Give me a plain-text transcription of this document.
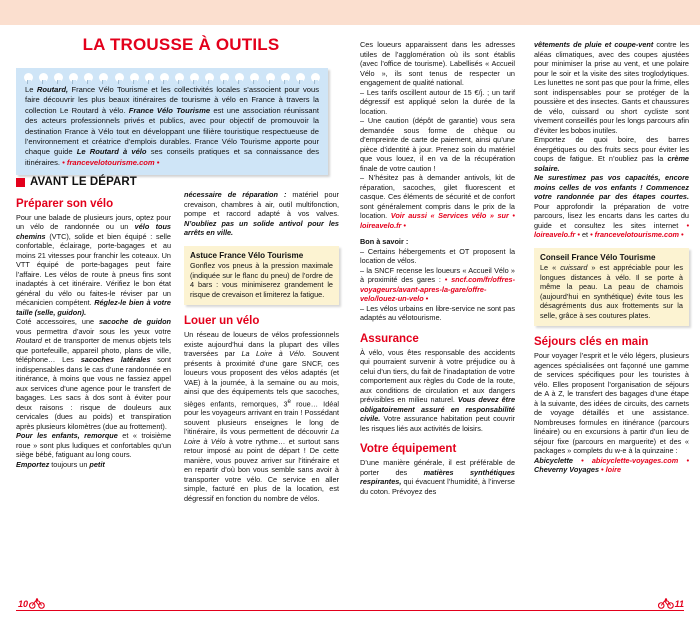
LA TROUSSE À OUTILS

Le Routard, France Vélo Tourisme et les collectivités locales s’associent pour vous faire découvrir les plus beaux itinéraires de tourisme à vélo en France à travers la collection Le Routard à vélo. France Vélo Tourisme est une association réunissant des acteurs professionnels privés et publics, avec pour objectif de promouvoir la destination France à Vélo tout en développant une filière touristique respectueuse de l’environnement et créatrice d’emplois durables. France Vélo Tourisme apporte pour chaque guide Le Routard à vélo ses conseils pratiques et sa connaissance des itinéraires. • francevelotourisme.com •

AVANT LE DÉPART
Préparer son vélo

Pour une balade de plusieurs jours, optez pour un vélo de randonnée ou un vélo tous chemins (VTC), solide et bien équipé : selle confortable, éclairage, porte-bagages et au moins 21 vitesses pour franchir les coteaux. Un VTT équipé de porte-bagages peut faire l’affaire. Les vélos de route à pneus fins sont inadaptés à cet itinéraire. Vérifiez le bon état général du vélo ou faites-le réviser par un mécanicien compétent. Réglez-le bien à votre taille (selle, guidon).

Coté accessoires, une sacoche de guidon vous permettra d’avoir sous les yeux votre Routard et de transporter de menus objets tels que portefeuille, appareil photo, plans de ville, téléphone… Les sacoches latérales sont indispensables dans le cas d’une randonnée en itinérance, à moins que vous ne fassiez appel aux services d’une agence pour le transfert de bagages. Les sacs à dos sont à éviter pour deux raisons : risque de douleurs aux cervicales (dues au poids) et transpiration après plusieurs kilomètres (due au frottement).

Pour les enfants, remorque et « troisième roue » sont plus ludiques et confortables qu’un siège bébé, fatiguant au long cours.

Emportez toujours un petit

nécessaire de réparation : matériel pour crevaison, chambres à air, outil multifonction, pompe et raccord adapté à vos valves. N’oubliez pas un solide antivol pour les arrêts en ville.

Astuce France Vélo Tourisme
Gonflez vos pneus à la pression maximale (indiquée sur le flanc du pneu) de l’ordre de 4 bars : vous minimiserez grandement le risque de crevaison et limiterez la fatigue.
Louer un vélo

Un réseau de loueurs de vélos professionnels existe aujourd’hui dans la plupart des villes traversées par La Loire à Vélo. Souvent présents à proximité d’une gare SNCF, ces loueurs vous proposent des vélos adaptés (et VAE) à la journée, à la semaine ou au mois, ainsi que des équipements tels que sacoches, sièges enfants, remorques, 3e roue… Idéal pour les voyageurs arrivant en train ! Possédant souvent plusieurs enseignes le long de l’itinéraire, ils vous permettent de découvrir La Loire à Vélo à votre rythme… et surtout sans retour imposé au point de départ ! De cette manière, vous pouvez arriver sur l’itinéraire et en repartir d’où bon vous semble sans avoir à transporter votre vélo. Ce service en aller simple, facturé en plus de la location, est dégressif en fonction du nombre de vélos.

Ces loueurs apparaissent dans les adresses utiles de l’agglomération où ils sont établis (avec l’office de tourisme). Labellisés « Accueil Vélo », ils sont tenus de respecter un engagement de qualité national.

– Les tarifs oscillent autour de 15 €/j. ; un tarif dégressif est appliqué selon la durée de la location.

– Une caution (dépôt de garantie) vous sera demandée sous forme de chèque ou d’empreinte de carte de paiement, ainsi qu’une pièce d’identité à jour. Prenez soin du matériel que vous louez, il en va de la récupération finale de votre caution !

– N’hésitez pas à demander antivols, kit de réparation, sacoches, gilet fluorescent et casque. Ces éléments de sécurité et de confort sont généralement compris dans le prix de la location. Voir aussi « Services vélo » sur • loireavelo.fr •

Bon à savoir :

– Certains hébergements et OT proposent la location de vélos.

– la SNCF recense les loueurs « Accueil Vélo » à proximité des gares : • sncf.com/fr/offres-voyageurs/avant-apres-la-gare/offre-velo/louez-un-velo •

– Les vélos urbains en libre-service ne sont pas adaptés au vélotourisme.

Assurance

À vélo, vous êtes responsable des accidents qui pourraient survenir à votre préjudice ou à celui d’un tiers, du fait de l’inadaptation de votre comportement aux règles du Code de la route, aux conditions de circulation et aux dangers prévisibles en milieu naturel. Vous devez être obligatoirement assuré en responsabilité civile. Votre assurance habitation peut couvrir les risques liés aux activités de loisirs.

Votre équipement

D’une manière générale, il est préférable de porter des matières synthétiques respirantes, qui évacuent l’humidité, à l’inverse du coton. Prévoyez des

vêtements de pluie et coupe-vent contre les aléas climatiques, avec des coupes ajustées pour minimiser la prise au vent, et une polaire pour le soir et la visite des sites troglodytiques. Les lunettes ne sont pas que pour la frime, elles sont indispensables pour se protéger de la poussière et des insectes. Gants et chaussures de vélo, cuissard ou short cycliste sont vivement conseillés pour les longs parcours afin d’éviter les bobos inutiles.

Emportez de quoi boire, des barres énergétiques ou des fruits secs pour éviter les coups de fatigue. Et n’oubliez pas la crème solaire.

Ne surestimez pas vos capacités, encore moins celles de vos enfants ! Commencez votre randonnée par des étapes courtes. Pour approfondir la préparation de votre parcours, lisez les encarts dans les cartes du guide et consultez les sites internet • loireavelo.fr • et • francevelotourisme.com •

Conseil France Vélo Tourisme
Le « cuissard » est appréciable pour les longues distances à vélo. Il se porte à même la peau. La peau de chamois (aujourd’hui en synthétique) évite tous les désagréments dus aux frottements sur la selle, grâce à ses coutures plates.
Séjours clés en main

Pour voyager l’esprit et le vélo légers, plusieurs agences spécialisées ont façonné une gamme de services spécifiques pour les touristes à vélo. Elles proposent l’organisation de séjours de A à Z, le transfert des bagages d’une étape à la suivante, des idées de circuits, des carnets de voyage détaillés et une assistance. Nombreuses formules en itinérance (parcours linéaire) ou en excursions à partir d’un lieu de séjour fixe (parcours en marguerite) et des « packages » complets du w-e à la quinzaine :

Abicyclette • abicyclette-voyages.com • Cheverny Voyages • loire

10	11
